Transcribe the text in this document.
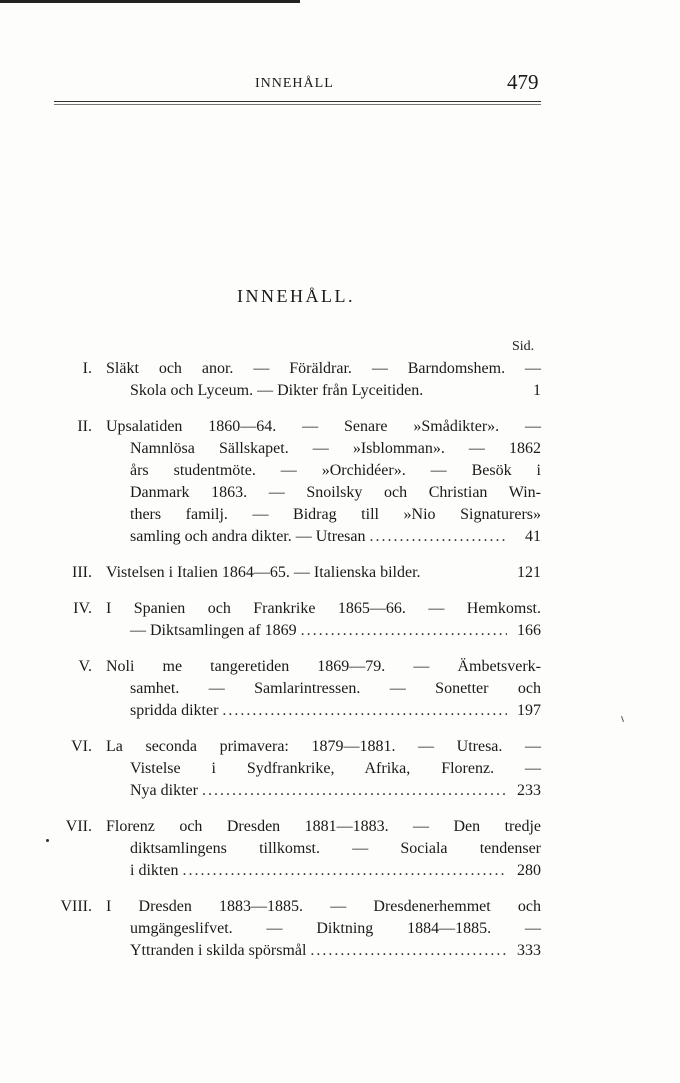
INNEHÅLL	479
INNEHÅLL.
Sid.
I. Släkt och anor. — Föräldrar. — Barndomshem. —
Skola och Lyceum. — Dikter från Lyceitiden.	1
II. Upsalatiden 1860—64. — Senare »Smådikter». —
Namnlösa Sällskapet. — »Isblomman». — 1862
års studentmöte. — »Orchidéer». — Besök i
Danmark 1863. — Snoilsky och Christian Win-
thers familj. — Bidrag till »Nio Signaturers»
samling och andra dikter. — Utresan .....	41
III. Vistelsen i Italien 1864—65. — Italienska bilder.	121
IV. I Spanien och Frankrike 1865—66. — Hemkomst.
— Diktsamlingen af 1869 .....	166
V. Noli me tangeretiden 1869—79. — Ämbetsverk-
samhet. — Samlarintressen. — Sonetter och
spridda dikter .....	197
VI. La seconda primavera: 1879—1881. — Utresa. —
Vistelse i Sydfrankrike, Afrika, Florenz. —
Nya dikter .....	233
VII. Florenz och Dresden 1881—1883. — Den tredje
diktsamlingens tillkomst. — Sociala tendenser
i dikten .....	280
VIII. I Dresden 1883—1885. — Dresdenerhemmet och
umgängeslifvet. — Diktning 1884—1885. —
Yttranden i skilda spörsmål .....	333
